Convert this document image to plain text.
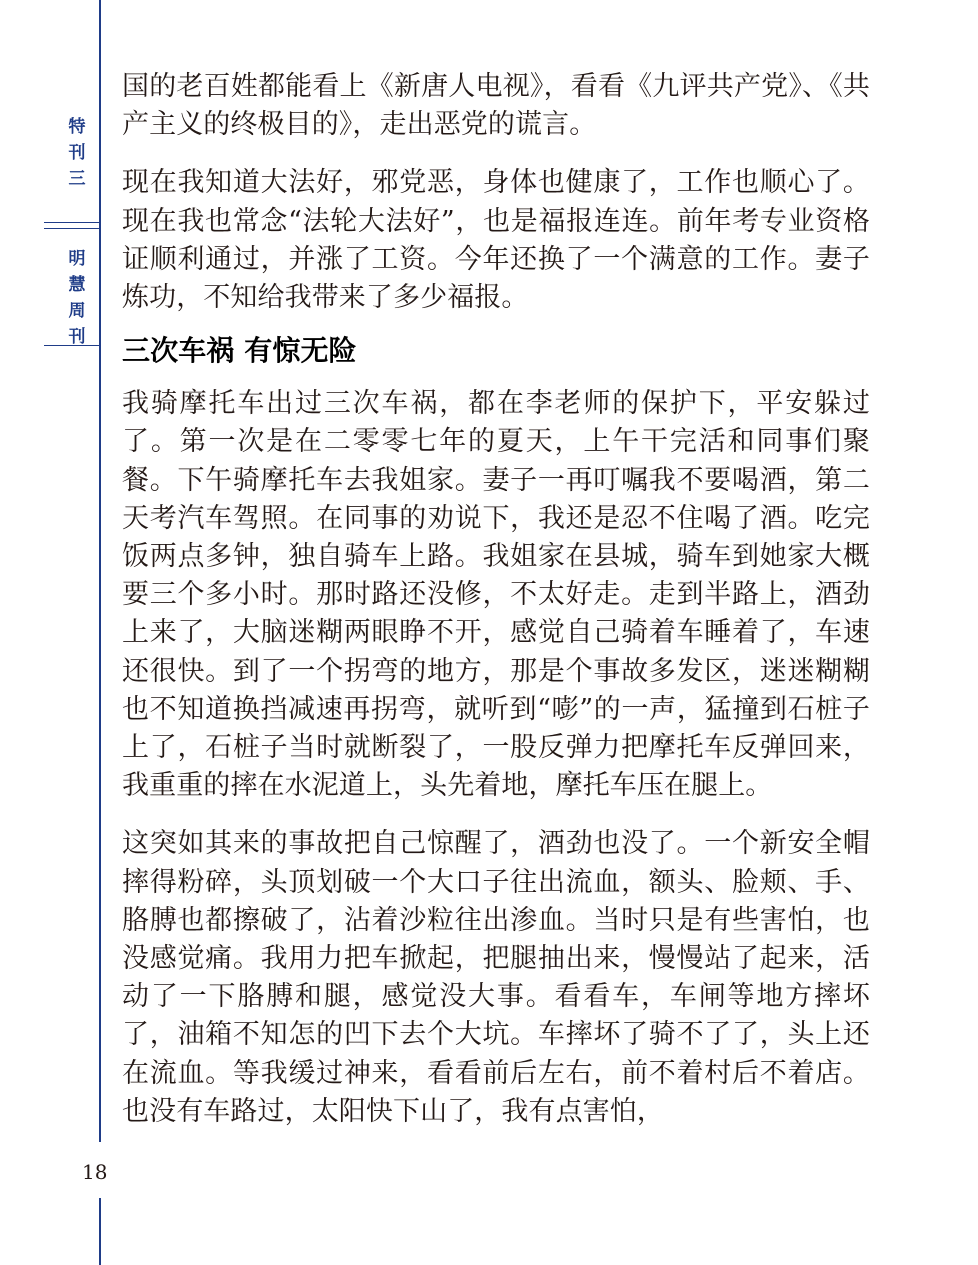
特
刊
三
明
慧
周
刊

国的老百姓都能看上《新唐人电视》，看看《九评共产党》、《共产主义的终极目的》，走出恶党的谎言。

现在我知道大法好，邪党恶，身体也健康了，工作也顺心了。现在我也常念“法轮大法好”，也是福报连连。前年考专业资格证顺利通过，并涨了工资。今年还换了一个满意的工作。妻子炼功，不知给我带来了多少福报。

三次车祸 有惊无险

我骑摩托车出过三次车祸，都在李老师的保护下，平安躲过了。第一次是在二零零七年的夏天，上午干完活和同事们聚餐。下午骑摩托车去我姐家。妻子一再叮嘱我不要喝酒，第二天考汽车驾照。在同事的劝说下，我还是忍不住喝了酒。吃完饭两点多钟，独自骑车上路。我姐家在县城，骑车到她家大概要三个多小时。那时路还没修，不太好走。走到半路上，酒劲上来了，大脑迷糊两眼睁不开，感觉自己骑着车睡着了，车速还很快。到了一个拐弯的地方，那是个事故多发区，迷迷糊糊也不知道换挡减速再拐弯，就听到“嘭”的一声，猛撞到石桩子上了，石桩子当时就断裂了，一股反弹力把摩托车反弹回来，我重重的摔在水泥道上，头先着地，摩托车压在腿上。

这突如其来的事故把自己惊醒了，酒劲也没了。一个新安全帽摔得粉碎，头顶划破一个大口子往出流血，额头、脸颊、手、胳膊也都擦破了，沾着沙粒往出渗血。当时只是有些害怕，也没感觉痛。我用力把车掀起，把腿抽出来，慢慢站了起来，活动了一下胳膊和腿，感觉没大事。看看车，车闸等地方摔坏了，油箱不知怎的凹下去个大坑。车摔坏了骑不了了，头上还在流血。等我缓过神来，看看前后左右，前不着村后不着店。也没有车路过，太阳快下山了，我有点害怕，

18
